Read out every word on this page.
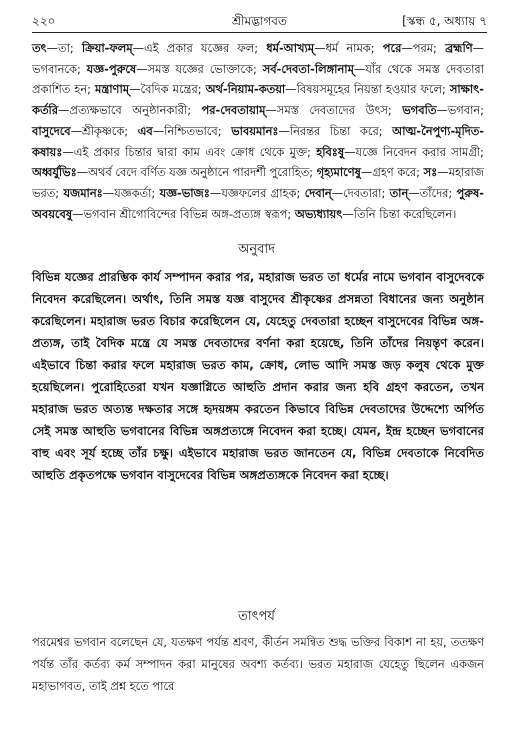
২২০	শ্রীমদ্ভাগবত	[স্কন্ধ ৫, অধ্যায় ৭

তৎ—তা; ক্রিয়া-ফলম্—এই প্রকার যজ্ঞের ফল; ধর্ম-আখ্যম্—ধর্ম নামক; পরে—পরম; ব্রহ্মণি—ভগবানকে; যজ্ঞ-পুরুষে—সমস্ত যজ্ঞের ভোক্তাকে; সর্ব-দেবতা-লিঙ্গানাম্—যাঁর থেকে সমস্ত দেবতারা প্রকাশিত হন; মন্ত্রাণাম্—বৈদিক মন্ত্রের; অর্থ-নিয়াম-কতয়া—বিষয়সমূহের নিয়ন্তা হওয়ার ফলে; সাক্ষাৎ-কর্তরি—প্রত্যক্ষভাবে অনুষ্ঠানকারী; পর-দেবতায়াম্—সমস্ত দেবতাদের উৎস; ভগবতি—ভগবান; বাসুদেবে—শ্রীকৃষ্ণকে; এব—নিশ্চিতভাবে; ভাবয়মানঃ—নিরন্তর চিন্তা করে; আত্ম-নৈপুণ্য-মৃদিত-কষায়ঃ—এই প্রকার চিন্তার দ্বারা কাম এবং ক্রোধ থেকে মুক্ত; হবিঃষু—যজ্ঞে নিবেদন করার সামগ্রী; অধ্বর্যুভিঃ—অথর্ব বেদে বর্ণিত যজ্ঞ অনুষ্ঠানে পারদর্শী পুরোহিত; গৃহ্যমাণেষু—গ্রহণ করে; সঃ—মহারাজ ভরত; যজমানঃ—যজ্ঞকর্তা; যজ্ঞ-ভাজঃ—যজ্ঞফলের গ্রাহক; দেবান্—দেবতারা; তান্—তাঁদের; পুরুষ-অবয়বেষু—ভগবান শ্রীগোবিন্দের বিভিন্ন অঙ্গ-প্রত্যঙ্গ স্বরূপ; অভ্যধ্যায়ৎ—তিনি চিন্তা করেছিলেন।

অনুবাদ

বিভিন্ন যজ্ঞের প্রারম্ভিক কার্য সম্পাদন করার পর, মহারাজ ভরত তা ধর্মের নামে ভগবান বাসুদেবকে নিবেদন করেছিলেন। অর্থাৎ, তিনি সমস্ত যজ্ঞ বাসুদেব শ্রীকৃষ্ণের প্রসন্নতা বিধানের জন্য অনুষ্ঠান করেছিলেন। মহারাজ ভরত বিচার করেছিলেন যে, যেহেতু দেবতারা হচ্ছেন বাসুদেবের বিভিন্ন অঙ্গ-প্রত্যঙ্গ, তাই বৈদিক মন্ত্রে যে সমস্ত দেবতাদের বর্ণনা করা হয়েছে, তিনি তাঁদের নিয়ন্তৃণ করেন। এইভাবে চিন্তা করার ফলে মহারাজ ভরত কাম, ক্রোধ, লোভ আদি সমস্ত জড় কলুষ থেকে মুক্ত হয়েছিলেন। পুরোহিতেরা যখন যজ্ঞাগ্নিতে আহুতি প্রদান করার জন্য হবি গ্রহণ করতেন, তখন মহারাজ ভরত অত্যন্ত দক্ষতার সঙ্গে হৃদয়ঙ্গম করতেন কিভাবে বিভিন্ন দেবতাদের উদ্দেশ্যে অর্পিত সেই সমস্ত আহুতি ভগবানের বিভিন্ন অঙ্গপ্রত্যঙ্গে নিবেদন করা হচ্ছে। যেমন, ইন্দ্র হচ্ছেন ভগবানের বাহু এবং সূর্য হচ্ছে তাঁর চক্ষু। এইভাবে মহারাজ ভরত জানতেন যে, বিভিন্ন দেবতাকে নিবেদিত আহুতি প্রকৃতপক্ষে ভগবান বাসুদেবের বিভিন্ন অঙ্গপ্রত্যঙ্গকে নিবেদন করা হচ্ছে।

তাৎপর্য

পরমেশ্বর ভগবান বলেছেন যে, যতক্ষণ পর্যন্ত শ্রবণ, কীর্তন সমন্বিত শুদ্ধ ভক্তির বিকাশ না হয়, ততক্ষণ পর্যন্ত তাঁর কর্তব্য কর্ম সম্পাদন করা মানুষের অবশ্য কর্তব্য। ভরত মহারাজ যেহেতু ছিলেন একজন মহাভাগবত, তাই প্রশ্ন হতে পারে
